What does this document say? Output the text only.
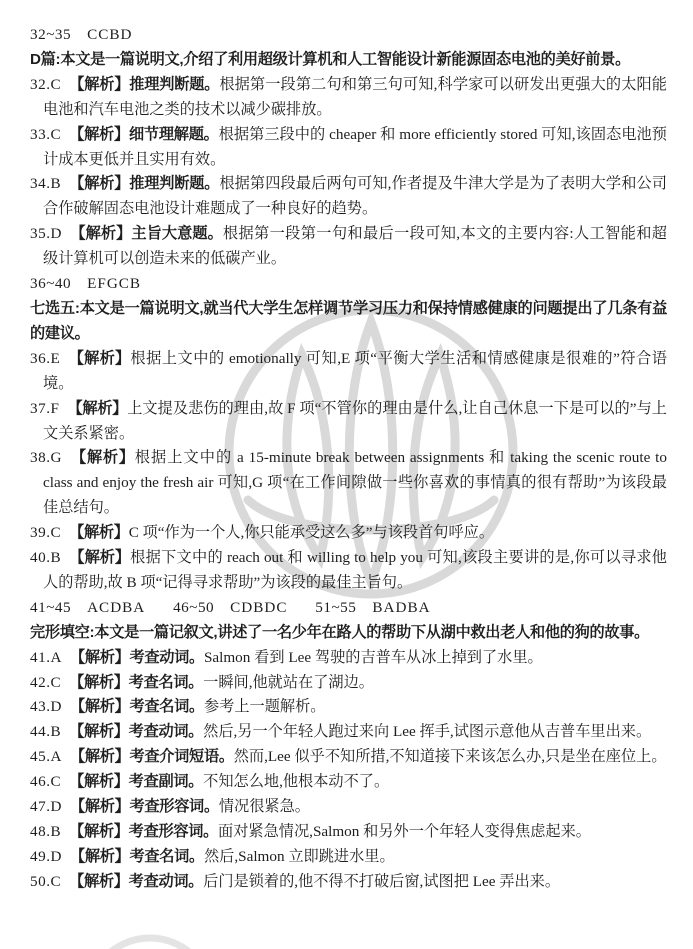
32~35 CCBD

D篇:本文是一篇说明文,介绍了利用超级计算机和人工智能设计新能源固态电池的美好前景。

32.C 【解析】推理判断题。根据第一段第二句和第三句可知,科学家可以研发出更强大的太阳能电池和汽车电池之类的技术以减少碳排放。

33.C 【解析】细节理解题。根据第三段中的 cheaper 和 more efficiently stored 可知,该固态电池预计成本更低并且实用有效。

34.B 【解析】推理判断题。根据第四段最后两句可知,作者提及牛津大学是为了表明大学和公司合作破解固态电池设计难题成了一种良好的趋势。

35.D 【解析】主旨大意题。根据第一段第一句和最后一段可知,本文的主要内容:人工智能和超级计算机可以创造未来的低碳产业。

36~40 EFGCB

七选五:本文是一篇说明文,就当代大学生怎样调节学习压力和保持情感健康的问题提出了几条有益的建议。

36.E 【解析】根据上文中的 emotionally 可知,E 项“平衡大学生活和情感健康是很难的”符合语境。

37.F 【解析】上文提及悲伤的理由,故 F 项“不管你的理由是什么,让自己休息一下是可以的”与上文关系紧密。

38.G 【解析】根据上文中的 a 15-minute break between assignments 和 taking the scenic route to class and enjoy the fresh air 可知,G 项“在工作间隙做一些你喜欢的事情真的很有帮助”为该段最佳总结句。

39.C 【解析】C 项“作为一个人,你只能承受这么多”与该段首句呼应。

40.B 【解析】根据下文中的 reach out 和 willing to help you 可知,该段主要讲的是,你可以寻求他人的帮助,故 B 项“记得寻求帮助”为该段的最佳主旨句。

41~45 ACDBA 46~50 CDBDC 51~55 BADBA

完形填空:本文是一篇记叙文,讲述了一名少年在路人的帮助下从湖中救出老人和他的狗的故事。

41.A 【解析】考查动词。Salmon 看到 Lee 驾驶的吉普车从冰上掉到了水里。

42.C 【解析】考查名词。一瞬间,他就站在了湖边。

43.D 【解析】考查名词。参考上一题解析。

44.B 【解析】考查动词。然后,另一个年轻人跑过来向 Lee 挥手,试图示意他从吉普车里出来。

45.A 【解析】考查介词短语。然而,Lee 似乎不知所措,不知道接下来该怎么办,只是坐在座位上。

46.C 【解析】考查副词。不知怎么地,他根本动不了。

47.D 【解析】考查形容词。情况很紧急。

48.B 【解析】考查形容词。面对紧急情况,Salmon 和另外一个年轻人变得焦虑起来。

49.D 【解析】考查名词。然后,Salmon 立即跳进水里。

50.C 【解析】考查动词。后门是锁着的,他不得不打破后窗,试图把 Lee 弄出来。
